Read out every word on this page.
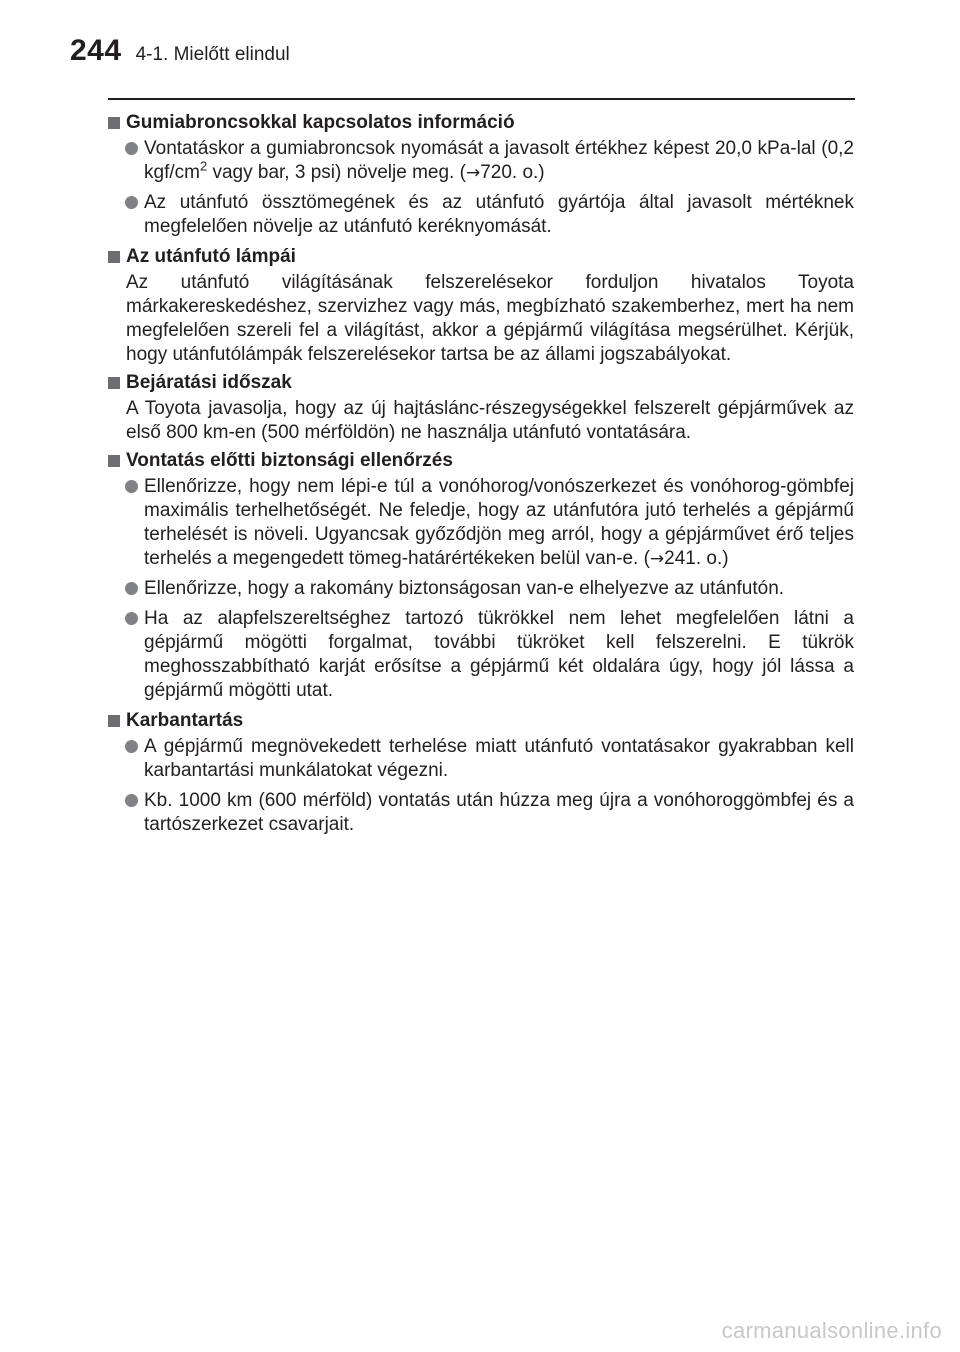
244 4-1. Mielőtt elindul
Gumiabroncsokkal kapcsolatos információ
Vontatáskor a gumiabroncsok nyomását a javasolt értékhez képest 20,0 kPa-lal (0,2 kgf/$cm^2$ vagy bar, 3 psi) növelje meg. (→720. o.)
Az utánfutó össztömegének és az utánfutó gyártója által javasolt mértéknek megfelelően növelje az utánfutó keréknyomását.
Az utánfutó lámpái
Az utánfutó világításának felszerelésekor forduljon hivatalos Toyota márkakereskedéshez, szervizhez vagy más, megbízható szakemberhez, mert ha nem megfelelően szereli fel a világítást, akkor a gépjármű világítása megsérülhet. Kérjük, hogy utánfutólámpák felszerelésekor tartsa be az állami jogszabályokat.
Bejáratási időszak
A Toyota javasolja, hogy az új hajtáslánc-részegységekkel felszerelt gépjárművek az első 800 km-en (500 mérföldön) ne használja utánfutó vontatására.
Vontatás előtti biztonsági ellenőrzés
Ellenőrizze, hogy nem lépi-e túl a vonóhorog/vonószerkezet és vonóhorog-gömbfej maximális terhelhetőségét. Ne feledje, hogy az utánfutóra jutó terhelés a gépjármű terhelését is növeli. Ugyancsak győződjön meg arról, hogy a gépjárművet érő teljes terhelés a megengedett tömeg-határértékeken belül van-e. (→241. o.)
Ellenőrizze, hogy a rakomány biztonságosan van-e elhelyezve az utánfutón.
Ha az alapfelszereltséghez tartozó tükrökkel nem lehet megfelelően látni a gépjármű mögötti forgalmat, további tükröket kell felszerelni. E tükrök meghosszabbítható karját erősítse a gépjármű két oldalára úgy, hogy jól lássa a gépjármű mögötti utat.
Karbantartás
A gépjármű megnövekedett terhelése miatt utánfutó vontatásakor gyakrabban kell karbantartási munkálatokat végezni.
Kb. 1000 km (600 mérföld) vontatás után húzza meg újra a vonóhoroggömbfej és a tartószerkezet csavarjait.
carmanualsonline.info
